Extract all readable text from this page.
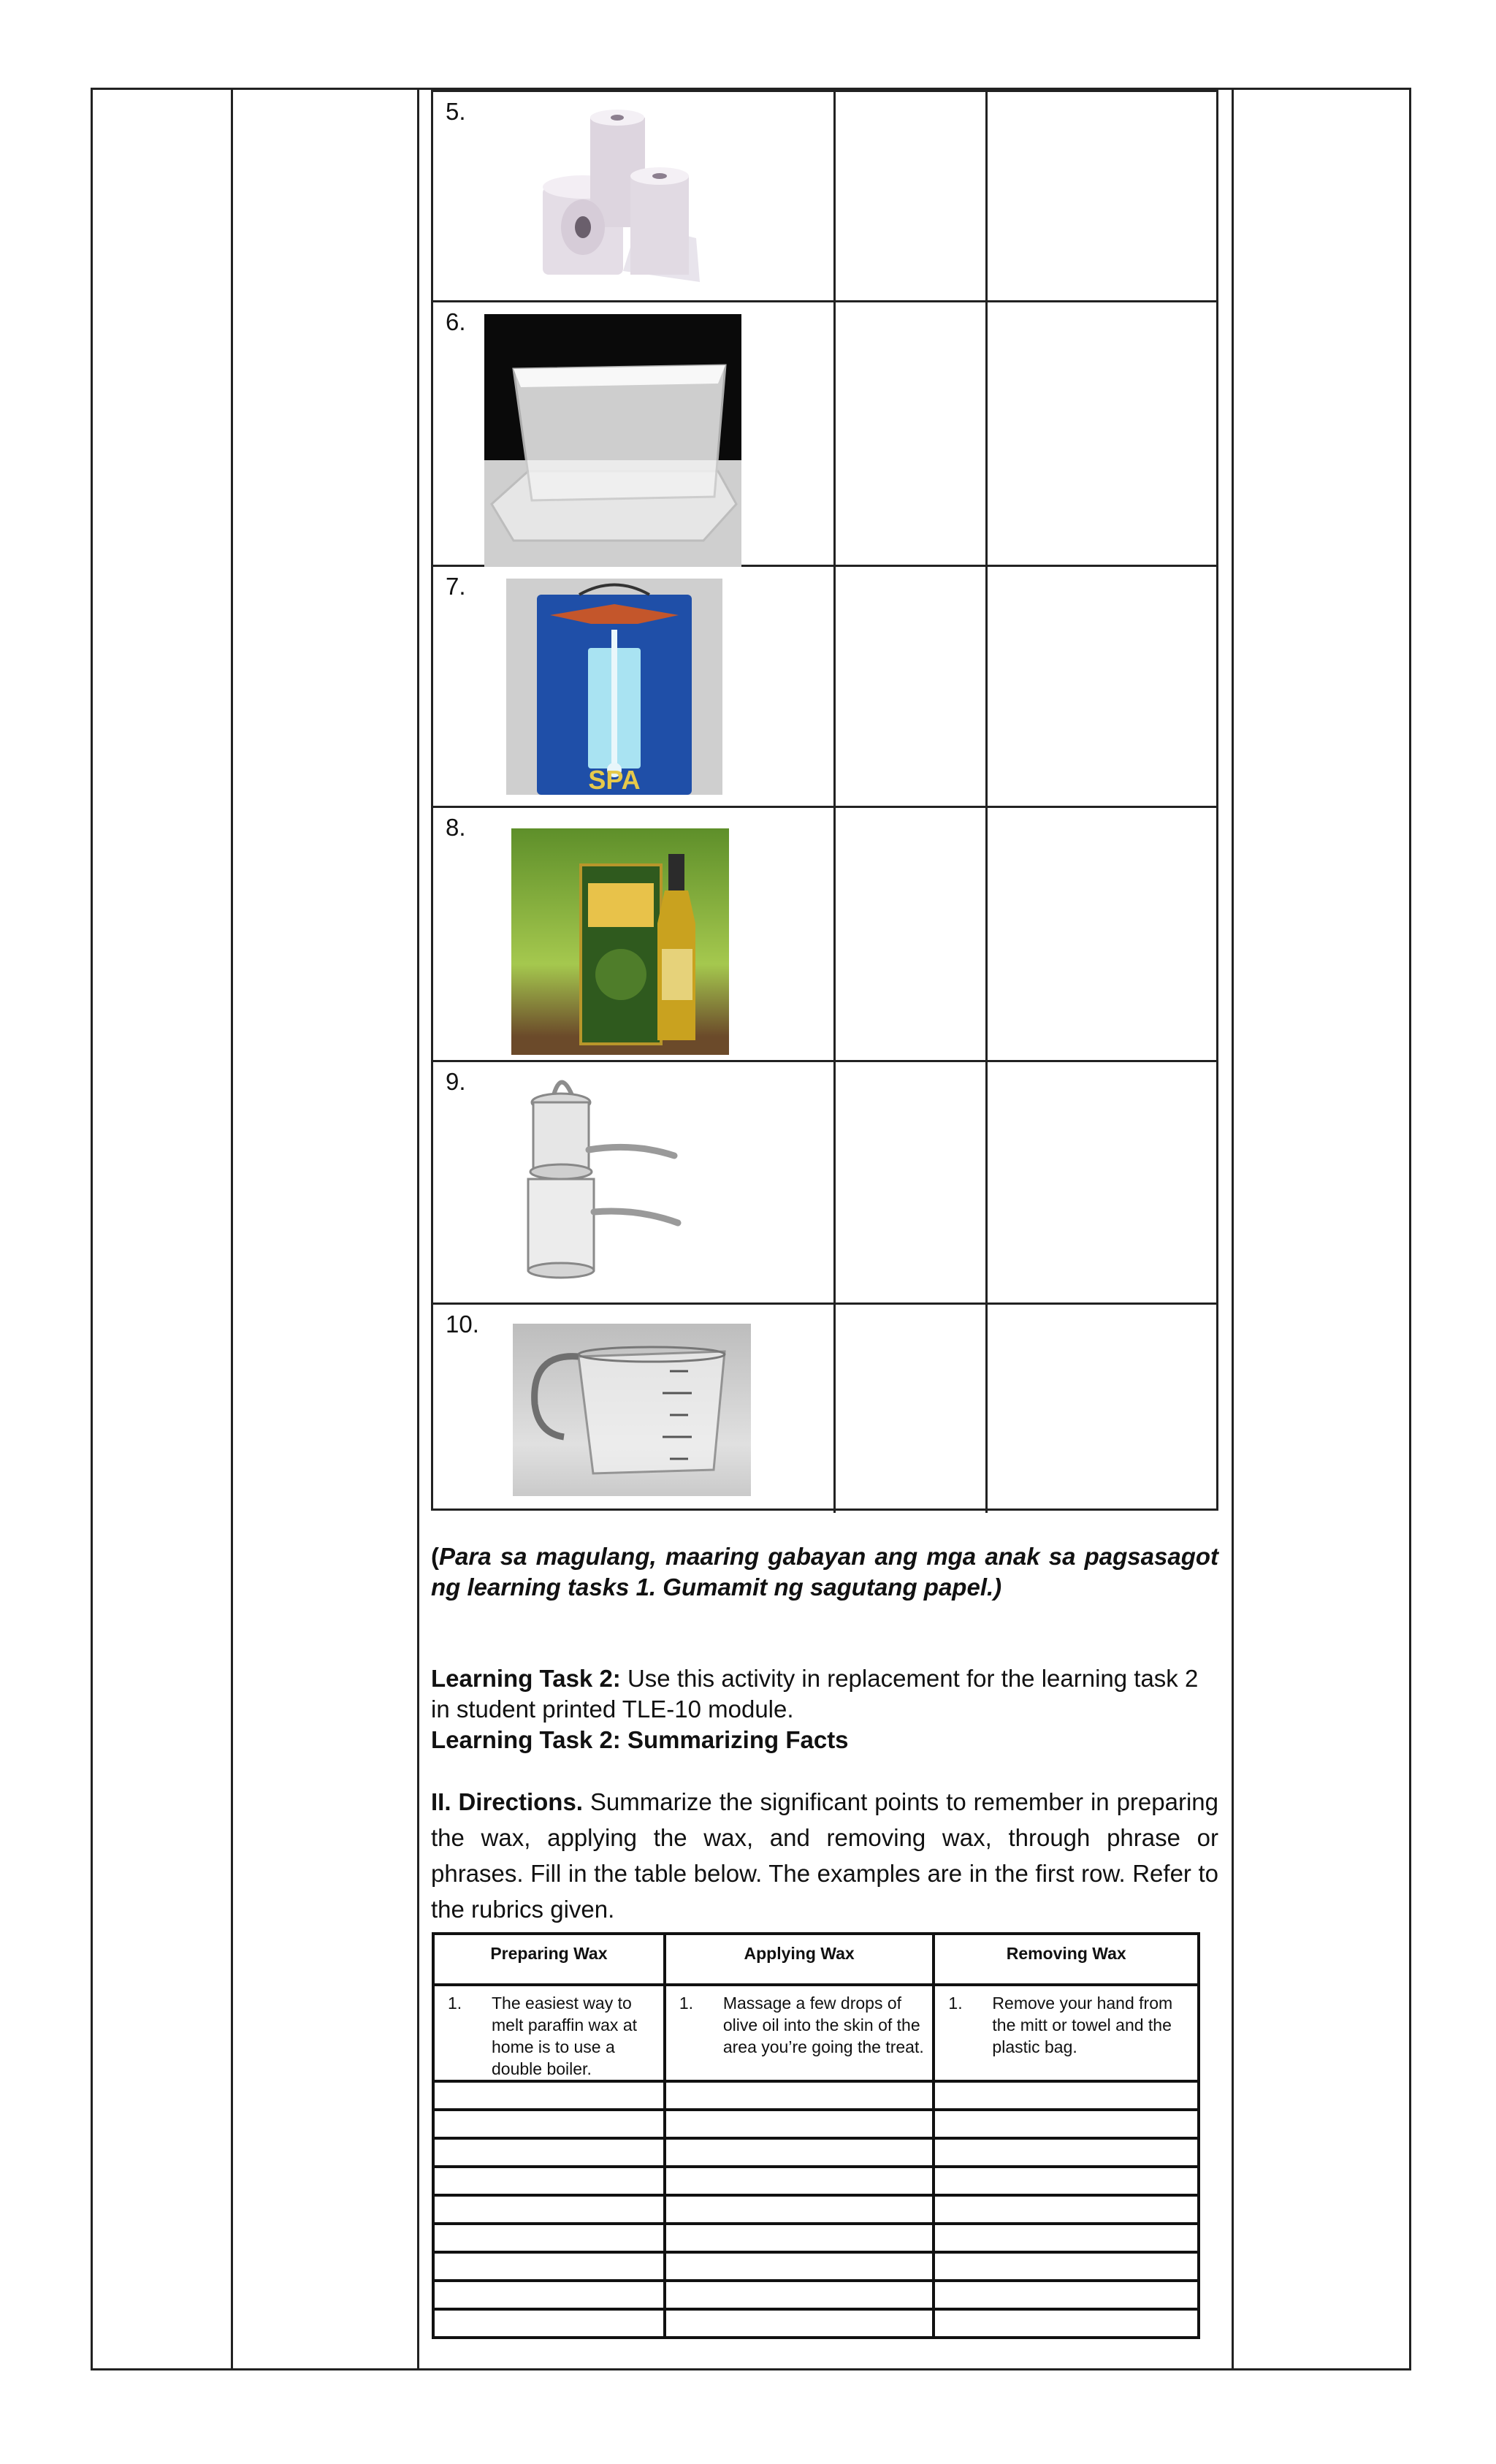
5.
6.
7.
SPA
8.
9.
10.
(Para sa magulang, maaring gabayan ang mga anak sa pagsasagot ng learning tasks 1. Gumamit ng sagutang papel.)
Learning Task 2: Use this activity in replacement for the learning task 2 in student printed TLE-10 module.
Learning Task 2: Summarizing Facts
II. Directions. Summarize the significant points to remember in preparing the wax, applying the wax, and removing wax, through phrase or phrases. Fill in the table below. The examples are in the first row. Refer to the rubrics given.
Preparing Wax	Applying Wax	Removing Wax

1. The easiest way to melt paraffin wax at home is to use a double boiler.	1. Massage a few drops of olive oil into the skin of the area you’re going the treat.	1. Remove your hand from the mitt or towel and the plastic bag.
